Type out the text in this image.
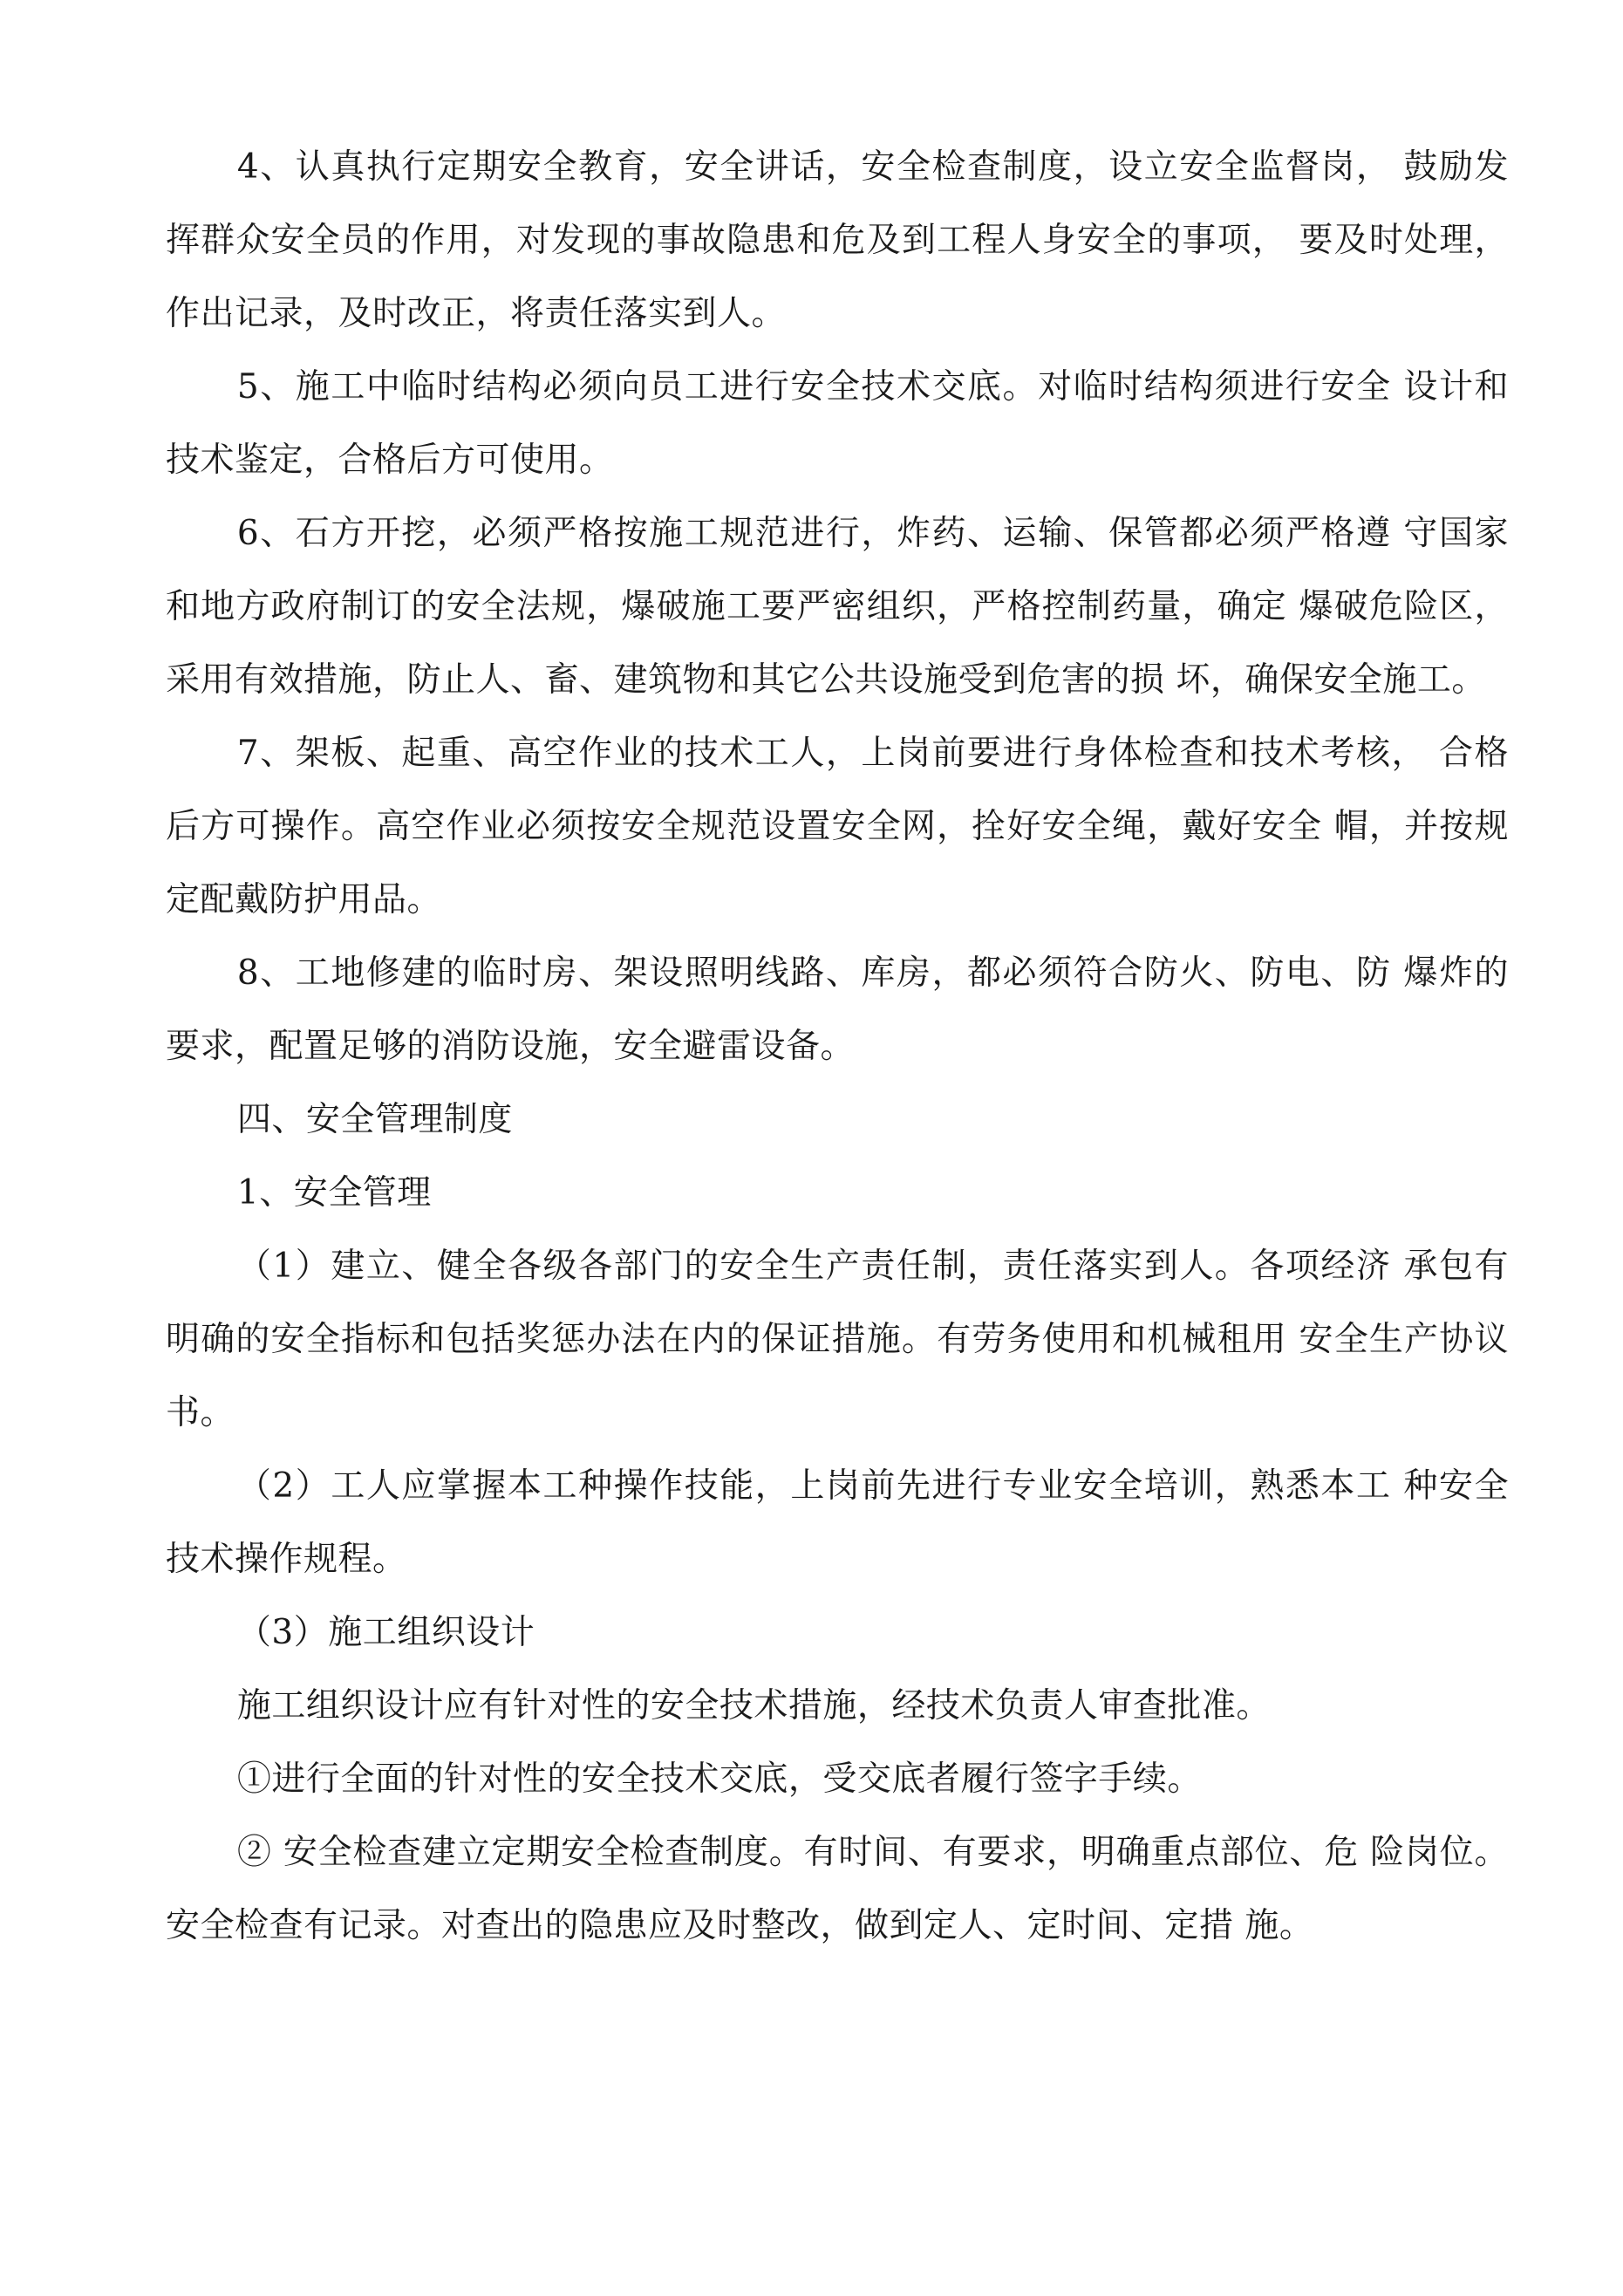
4、认真执行定期安全教育，安全讲话，安全检查制度，设立安全监督岗， 鼓励发挥群众安全员的作用，对发现的事故隐患和危及到工程人身安全的事项， 要及时处理，作出记录，及时改正，将责任落实到人。

5、施工中临时结构必须向员工进行安全技术交底。对临时结构须进行安全 设计和技术鉴定，合格后方可使用。

6、石方开挖，必须严格按施工规范进行，炸药、运输、保管都必须严格遵 守国家和地方政府制订的安全法规，爆破施工要严密组织，严格控制药量，确定 爆破危险区，采用有效措施，防止人、畜、建筑物和其它公共设施受到危害的损 坏，确保安全施工。

7、架板、起重、高空作业的技术工人，上岗前要进行身体检查和技术考核， 合格后方可操作。高空作业必须按安全规范设置安全网，拴好安全绳，戴好安全 帽，并按规定配戴防护用品。

8、工地修建的临时房、架设照明线路、库房，都必须符合防火、防电、防 爆炸的要求，配置足够的消防设施，安全避雷设备。

四、安全管理制度

1、安全管理

（1）建立、健全各级各部门的安全生产责任制，责任落实到人。各项经济 承包有明确的安全指标和包括奖惩办法在内的保证措施。有劳务使用和机械租用 安全生产协议书。

（2）工人应掌握本工种操作技能，上岗前先进行专业安全培训，熟悉本工 种安全技术操作规程。

（3）施工组织设计

施工组织设计应有针对性的安全技术措施，经技术负责人审查批准。

①进行全面的针对性的安全技术交底，受交底者履行签字手续。

② 安全检查建立定期安全检查制度。有时间、有要求，明确重点部位、危 险岗位。安全检查有记录。对查出的隐患应及时整改，做到定人、定时间、定措 施。
